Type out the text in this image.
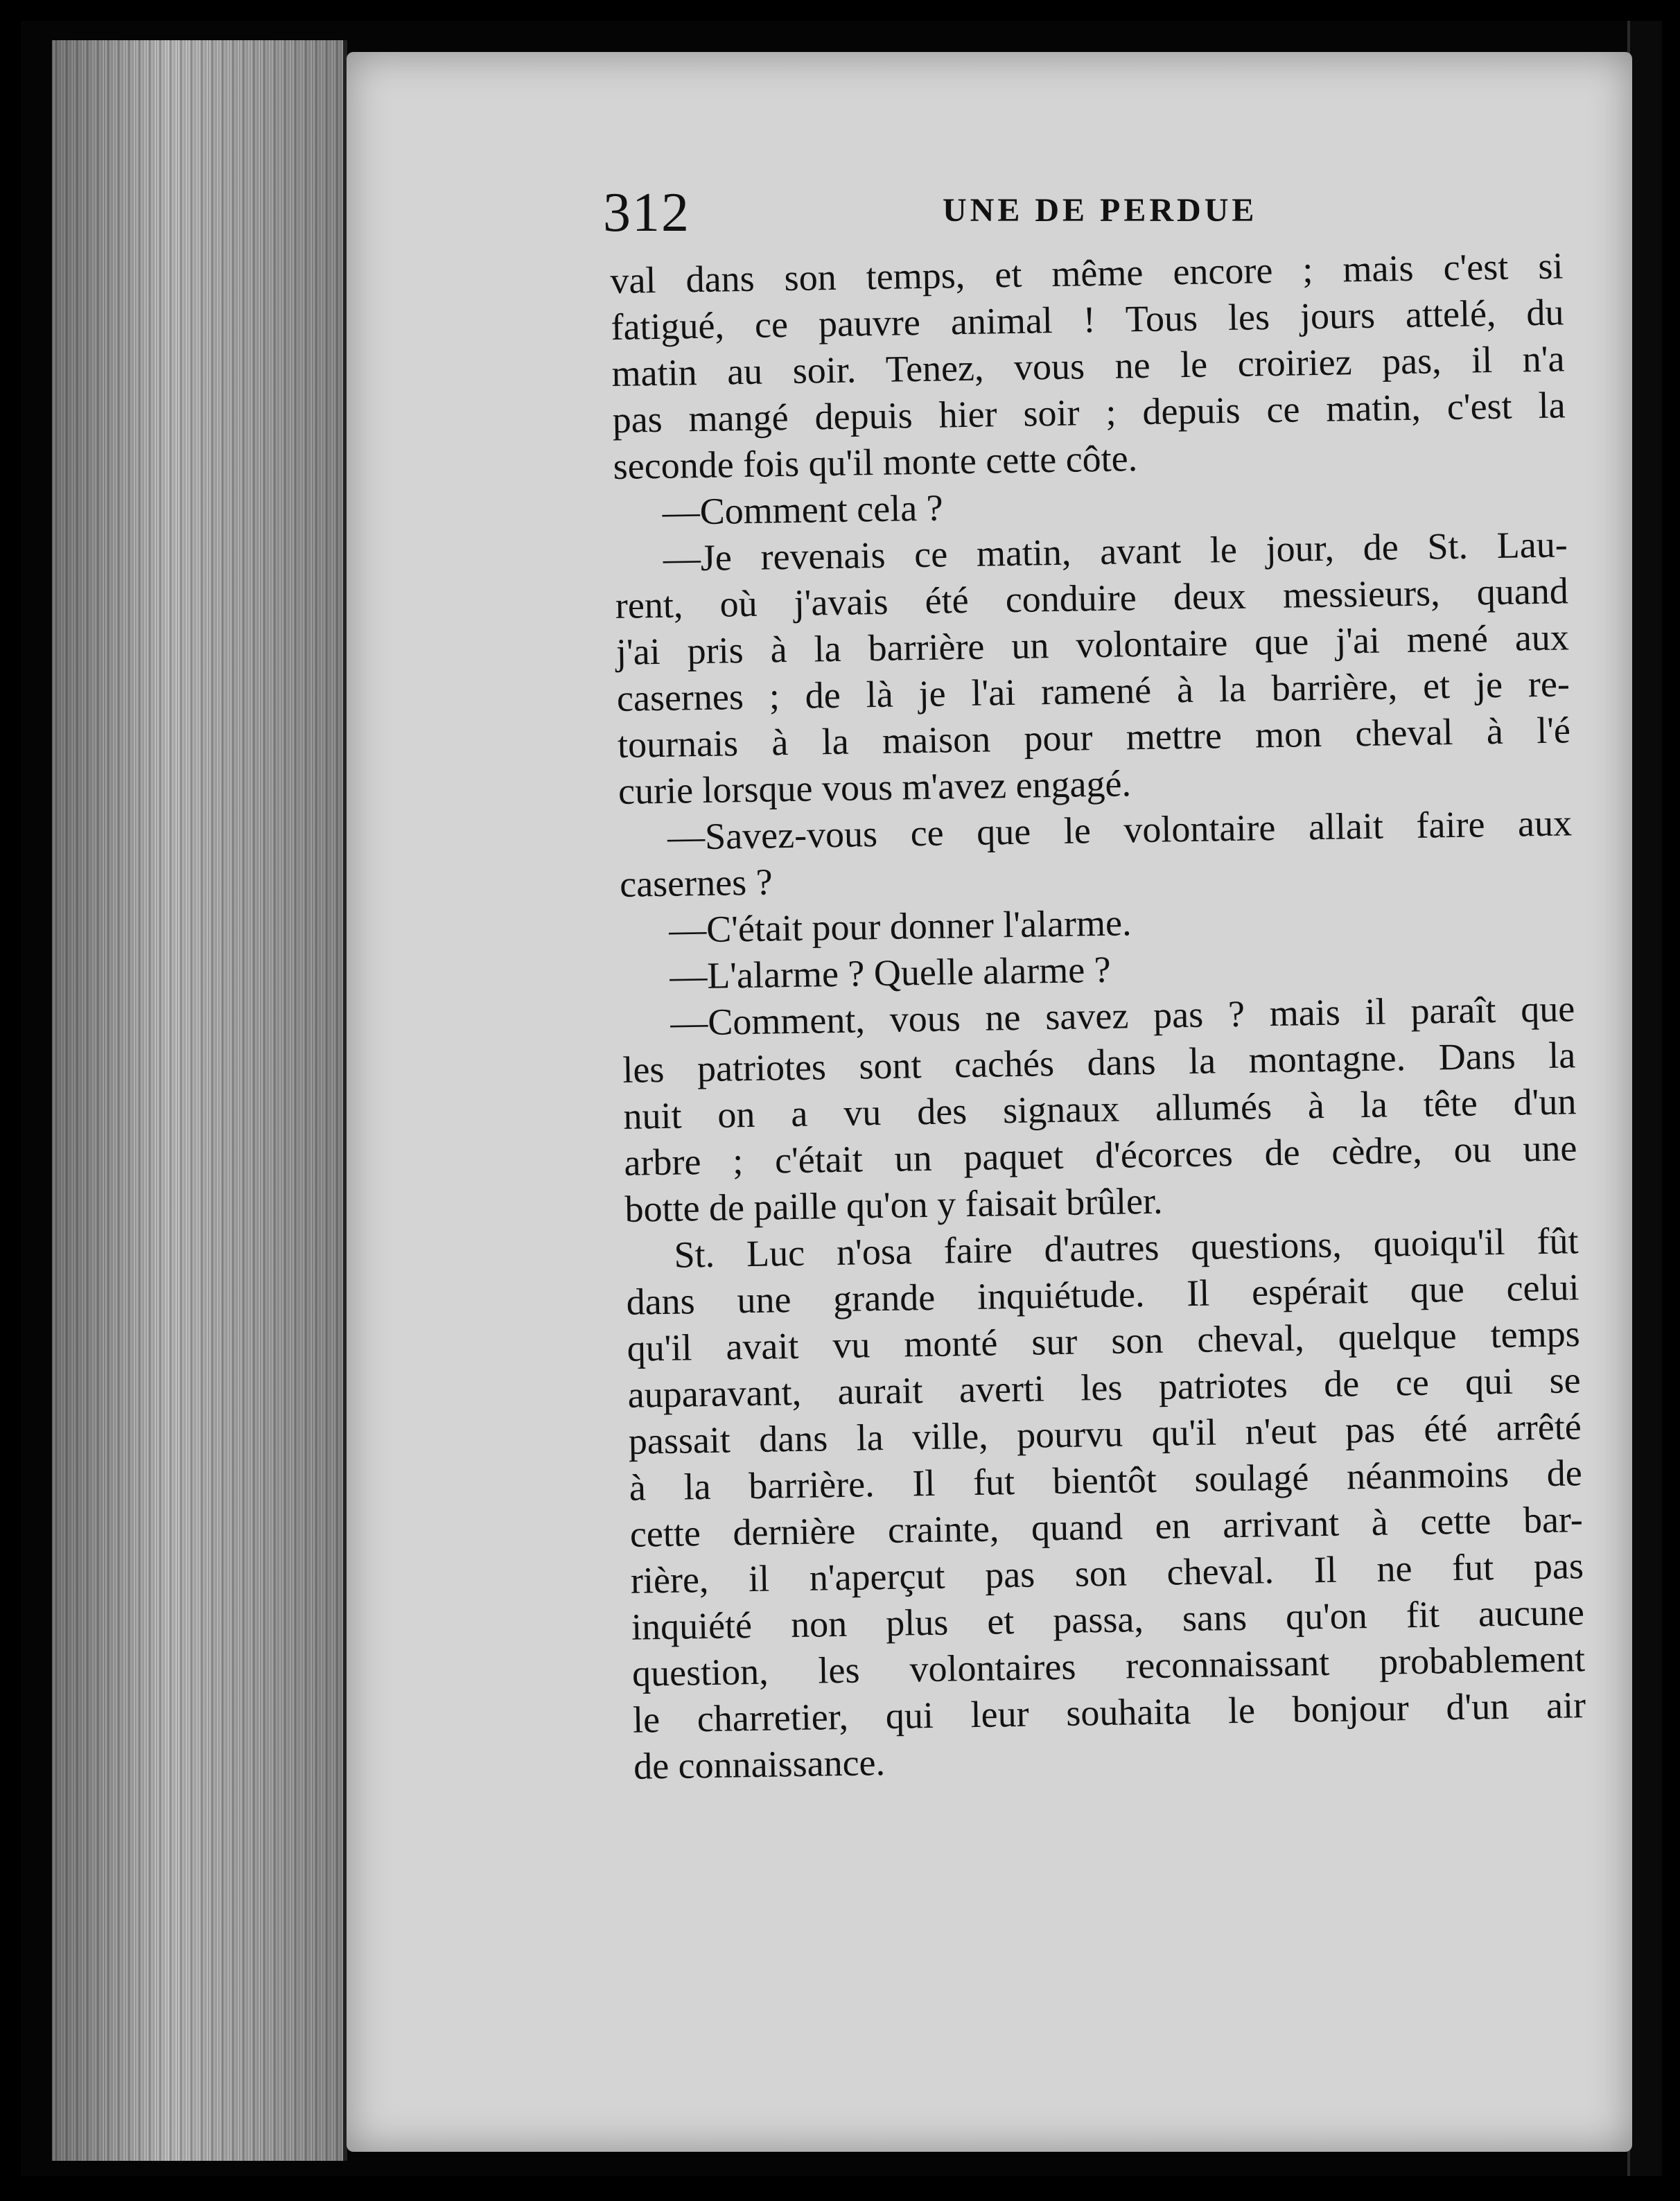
312	UNE DE PERDUE
val dans son temps, et même encore ; mais c'est si
fatigué, ce pauvre animal ! Tous les jours attelé, du
matin au soir. Tenez, vous ne le croiriez pas, il n'a
pas mangé depuis hier soir ; depuis ce matin, c'est la
seconde fois qu'il monte cette côte.
—Comment cela ?
—Je revenais ce matin, avant le jour, de St. Lau-
rent, où j'avais été conduire deux messieurs, quand
j'ai pris à la barrière un volontaire que j'ai mené aux
casernes ; de là je l'ai ramené à la barrière, et je re-
tournais à la maison pour mettre mon cheval à l'é
curie lorsque vous m'avez engagé.
—Savez-vous ce que le volontaire allait faire aux
casernes ?
—C'était pour donner l'alarme.
—L'alarme ? Quelle alarme ?
—Comment, vous ne savez pas ? mais il paraît que
les patriotes sont cachés dans la montagne. Dans la
nuit on a vu des signaux allumés à la tête d'un
arbre ; c'était un paquet d'écorces de cèdre, ou une
botte de paille qu'on y faisait brûler.
St. Luc n'osa faire d'autres questions, quoiqu'il fût
dans une grande inquiétude. Il espérait que celui
qu'il avait vu monté sur son cheval, quelque temps
auparavant, aurait averti les patriotes de ce qui se
passait dans la ville, pourvu qu'il n'eut pas été arrêté
à la barrière. Il fut bientôt soulagé néanmoins de
cette dernière crainte, quand en arrivant à cette bar-
rière, il n'aperçut pas son cheval. Il ne fut pas
inquiété non plus et passa, sans qu'on fit aucune
question, les volontaires reconnaissant probablement
le charretier, qui leur souhaita le bonjour d'un air
de connaissance.
